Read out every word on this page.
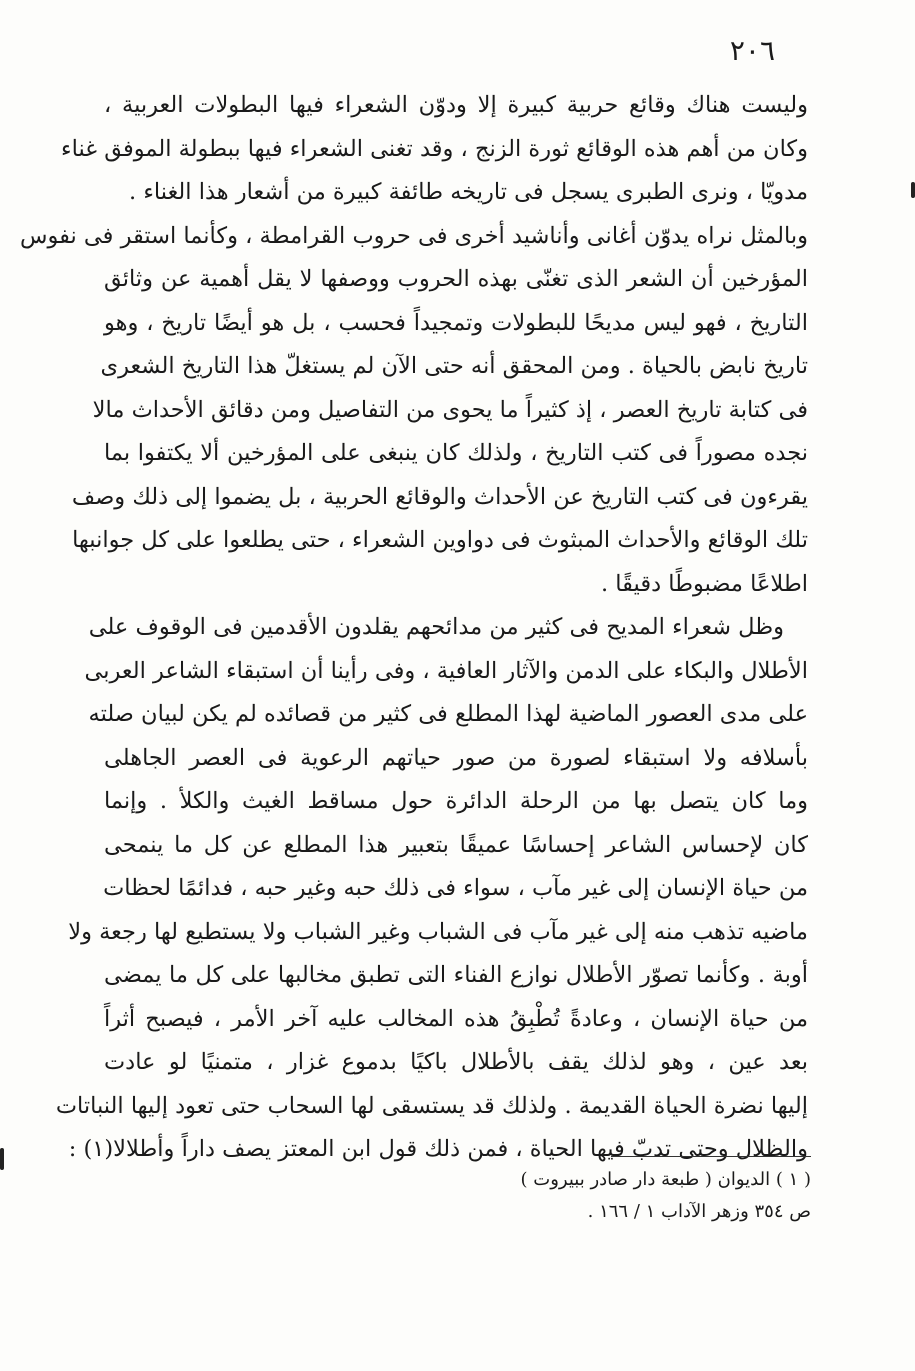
٢٠٦
وليست هناك وقائع حربية كبيرة إلا ودوّن الشعراء فيها البطولات العربية ،
وكان من أهم هذه الوقائع ثورة الزنج ، وقد تغنى الشعراء فيها ببطولة الموفق غناء
مدويّا ، ونرى الطبرى يسجل فى تاريخه طائفة كبيرة من أشعار هذا الغناء .
وبالمثل نراه يدوّن أغانى وأناشيد أخرى فى حروب القرامطة ، وكأنما استقر فى نفوس
المؤرخين أن الشعر الذى تغنّى بهذه الحروب ووصفها لا يقل أهمية عن وثائق
التاريخ ، فهو ليس مديحًا للبطولات وتمجيداً فحسب ، بل هو أيضًا تاريخ ، وهو
تاريخ نابض بالحياة . ومن المحقق أنه حتى الآن لم يستغلّ هذا التاريخ الشعرى
فى كتابة تاريخ العصر ، إذ كثيراً ما يحوى من التفاصيل ومن دقائق الأحداث مالا
نجده مصوراً فى كتب التاريخ ، ولذلك كان ينبغى على المؤرخين ألا يكتفوا بما
يقرءون فى كتب التاريخ عن الأحداث والوقائع الحربية ، بل يضموا إلى ذلك وصف
تلك الوقائع والأحداث المبثوث فى دواوين الشعراء ، حتى يطلعوا على كل جوانبها
اطلاعًا مضبوطًا دقيقًا .
وظل شعراء المديح فى كثير من مدائحهم يقلدون الأقدمين فى الوقوف على
الأطلال والبكاء على الدمن والآثار العافية ، وفى رأينا أن استبقاء الشاعر العربى
على مدى العصور الماضية لهذا المطلع فى كثير من قصائده لم يكن لبيان صلته
بأسلافه ولا استبقاء لصورة من صور حياتهم الرعوية فى العصر الجاهلى
وما كان يتصل بها من الرحلة الدائرة حول مساقط الغيث والكلأ . وإنما
كان لإحساس الشاعر إحساسًا عميقًا بتعبير هذا المطلع عن كل ما ينمحى
من حياة الإنسان إلى غير مآب ، سواء فى ذلك حبه وغير حبه ، فدائمًا لحظات
ماضيه تذهب منه إلى غير مآب فى الشباب وغير الشباب ولا يستطيع لها رجعة ولا
أوبة . وكأنما تصوّر الأطلال نوازع الفناء التى تطبق مخالبها على كل ما يمضى
من حياة الإنسان ، وعادةً تُطْبِقُ هذه المخالب عليه آخر الأمر ، فيصبح أثراً
بعد عين ، وهو لذلك يقف بالأطلال باكيًا بدموع غزار ، متمنيًا لو عادت
إليها نضرة الحياة القديمة . ولذلك قد يستسقى لها السحاب حتى تعود إليها النباتات
والظلال وحتى تدبّ فيها الحياة ، فمن ذلك قول ابن المعتز يصف داراً وأطلالا(١) :
( ١ ) الديوان ( طبعة دار صادر ببيروت )
ص ٣٥٤ وزهر الآداب ١ / ١٦٦ .
